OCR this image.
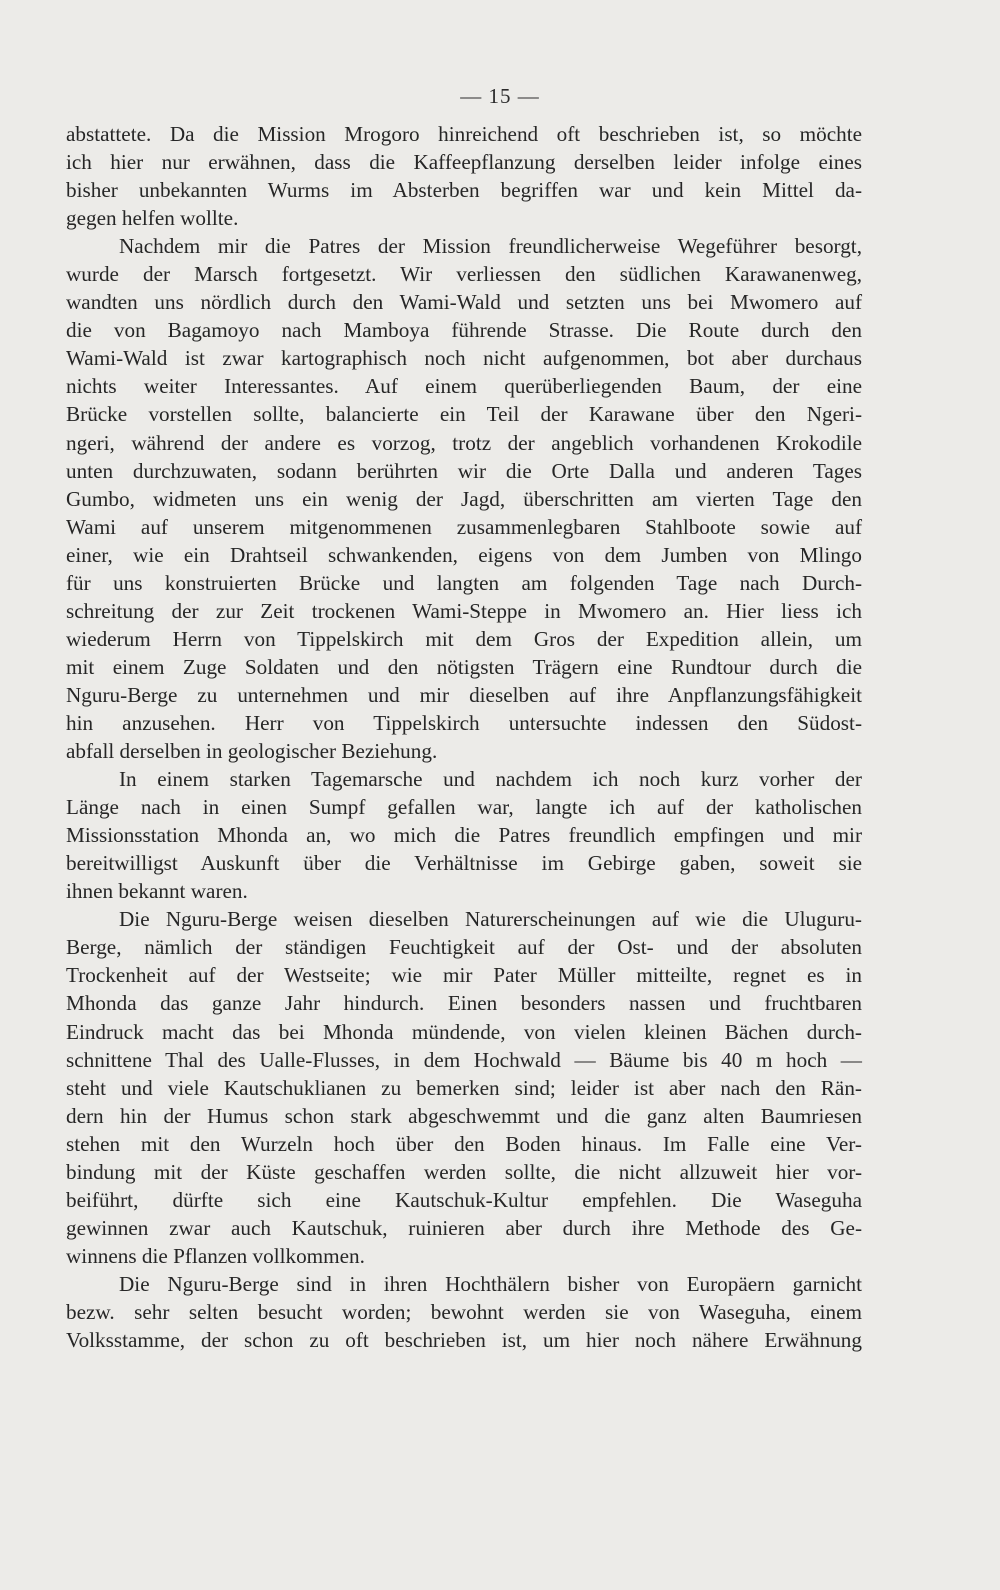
— 15 —
abstattete. Da die Mission Mrogoro hinreichend oft beschrieben ist, so möchte
ich hier nur erwähnen, dass die Kaffeepflanzung derselben leider infolge eines
bisher unbekannten Wurms im Absterben begriffen war und kein Mittel da-
gegen helfen wollte.
Nachdem mir die Patres der Mission freundlicherweise Wegeführer besorgt,
wurde der Marsch fortgesetzt. Wir verliessen den südlichen Karawanenweg,
wandten uns nördlich durch den Wami-Wald und setzten uns bei Mwomero auf
die von Bagamoyo nach Mamboya führende Strasse. Die Route durch den
Wami-Wald ist zwar kartographisch noch nicht aufgenommen, bot aber durchaus
nichts weiter Interessantes. Auf einem querüberliegenden Baum, der eine
Brücke vorstellen sollte, balancierte ein Teil der Karawane über den Ngeri-
ngeri, während der andere es vorzog, trotz der angeblich vorhandenen Krokodile
unten durchzuwaten, sodann berührten wir die Orte Dalla und anderen Tages
Gumbo, widmeten uns ein wenig der Jagd, überschritten am vierten Tage den
Wami auf unserem mitgenommenen zusammenlegbaren Stahlboote sowie auf
einer, wie ein Drahtseil schwankenden, eigens von dem Jumben von Mlingo
für uns konstruierten Brücke und langten am folgenden Tage nach Durch-
schreitung der zur Zeit trockenen Wami-Steppe in Mwomero an. Hier liess ich
wiederum Herrn von Tippelskirch mit dem Gros der Expedition allein, um
mit einem Zuge Soldaten und den nötigsten Trägern eine Rundtour durch die
Nguru-Berge zu unternehmen und mir dieselben auf ihre Anpflanzungsfähigkeit
hin anzusehen. Herr von Tippelskirch untersuchte indessen den Südost-
abfall derselben in geologischer Beziehung.
In einem starken Tagemarsche und nachdem ich noch kurz vorher der
Länge nach in einen Sumpf gefallen war, langte ich auf der katholischen
Missionsstation Mhonda an, wo mich die Patres freundlich empfingen und mir
bereitwilligst Auskunft über die Verhältnisse im Gebirge gaben, soweit sie
ihnen bekannt waren.
Die Nguru-Berge weisen dieselben Naturerscheinungen auf wie die Uluguru-
Berge, nämlich der ständigen Feuchtigkeit auf der Ost- und der absoluten
Trockenheit auf der Westseite; wie mir Pater Müller mitteilte, regnet es in
Mhonda das ganze Jahr hindurch. Einen besonders nassen und fruchtbaren
Eindruck macht das bei Mhonda mündende, von vielen kleinen Bächen durch-
schnittene Thal des Ualle-Flusses, in dem Hochwald — Bäume bis 40 m hoch —
steht und viele Kautschuklianen zu bemerken sind; leider ist aber nach den Rän-
dern hin der Humus schon stark abgeschwemmt und die ganz alten Baumriesen
stehen mit den Wurzeln hoch über den Boden hinaus. Im Falle eine Ver-
bindung mit der Küste geschaffen werden sollte, die nicht allzuweit hier vor-
beiführt, dürfte sich eine Kautschuk-Kultur empfehlen. Die Waseguha
gewinnen zwar auch Kautschuk, ruinieren aber durch ihre Methode des Ge-
winnens die Pflanzen vollkommen.
Die Nguru-Berge sind in ihren Hochthälern bisher von Europäern garnicht
bezw. sehr selten besucht worden; bewohnt werden sie von Waseguha, einem
Volksstamme, der schon zu oft beschrieben ist, um hier noch nähere Erwähnung
